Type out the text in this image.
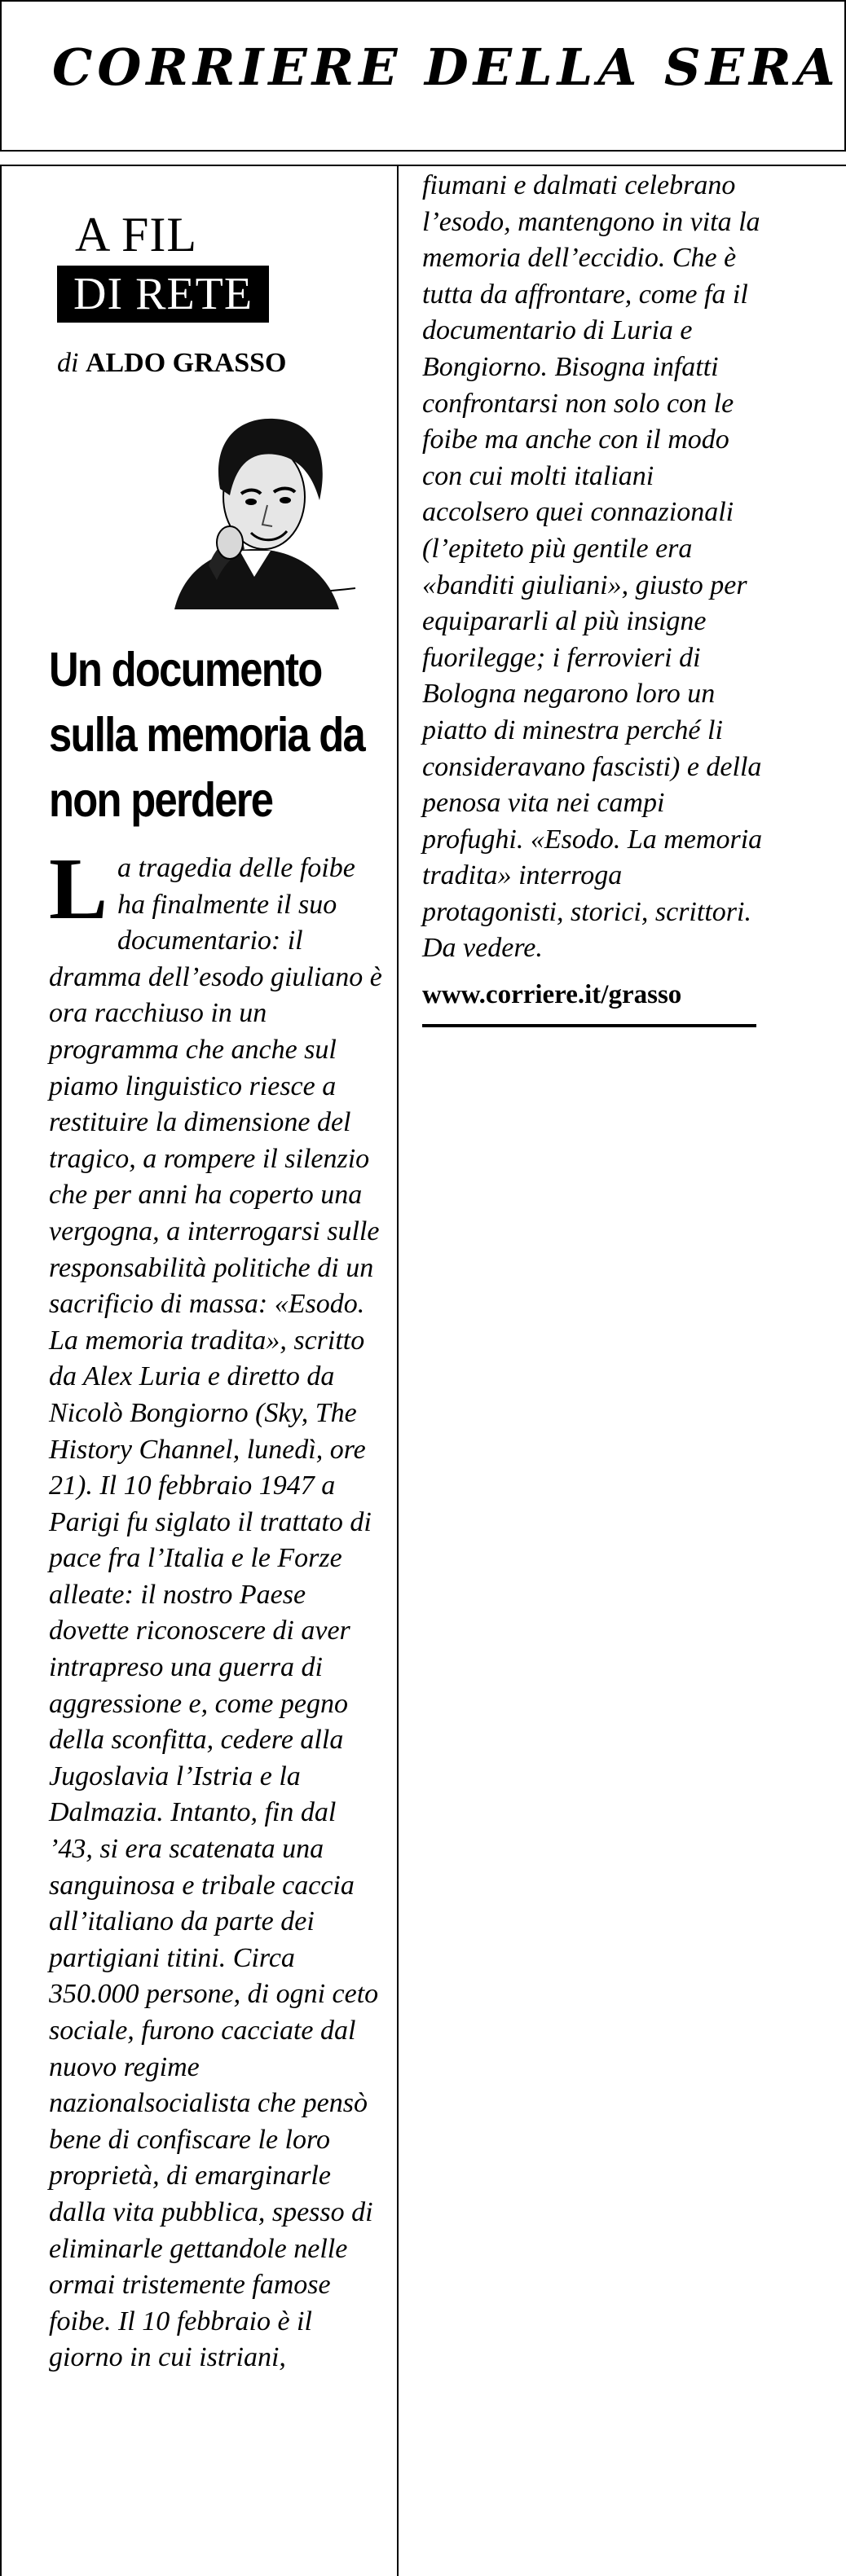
CORRIERE DELLA SERA
A FIL
DI RETE
di ALDO GRASSO
Un documento sulla memoria da non perdere

L a tragedia delle foibe ha finalmente il suo documentario: il dramma dell’esodo giuliano è ora racchiuso in un programma che anche sul piamo linguistico riesce a restituire la dimensione del tragico, a rompere il silenzio che per anni ha coperto una vergogna, a interrogarsi sulle responsabilità politiche di un sacrificio di massa: «Esodo. La memoria tradita», scritto da Alex Luria e diretto da Nicolò Bongiorno (Sky, The History Channel, lunedì, ore 21). Il 10 febbraio 1947 a Parigi fu siglato il trattato di pace fra l’Italia e le Forze alleate: il nostro Paese dovette riconoscere di aver intrapreso una guerra di aggressione e, come pegno della sconfitta, cedere alla Jugoslavia l’Istria e la Dalmazia. Intanto, fin dal ’43, si era scatenata una sanguinosa e tribale caccia all’italiano da parte dei partigiani titini. Circa 350.000 persone, di ogni ceto sociale, furono cacciate dal nuovo regime nazionalsocialista che pensò bene di confiscare le loro proprietà, di emarginarle dalla vita pubblica, spesso di eliminarle gettandole nelle ormai tristemente famose foibe. Il 10 febbraio è il giorno in cui istriani,

fiumani e dalmati celebrano l’esodo, mantengono in vita la memoria dell’eccidio. Che è tutta da affrontare, come fa il documentario di Luria e Bongiorno. Bisogna infatti confrontarsi non solo con le foibe ma anche con il modo con cui molti italiani accolsero quei connazionali (l’epiteto più gentile era «banditi giuliani», giusto per equipararli al più insigne fuorilegge; i ferrovieri di Bologna negarono loro un piatto di minestra perché li consideravano fascisti) e della penosa vita nei campi profughi. «Esodo. La memoria tradita» interroga protagonisti, storici, scrittori. Da vedere.

www.corriere.it/grasso
